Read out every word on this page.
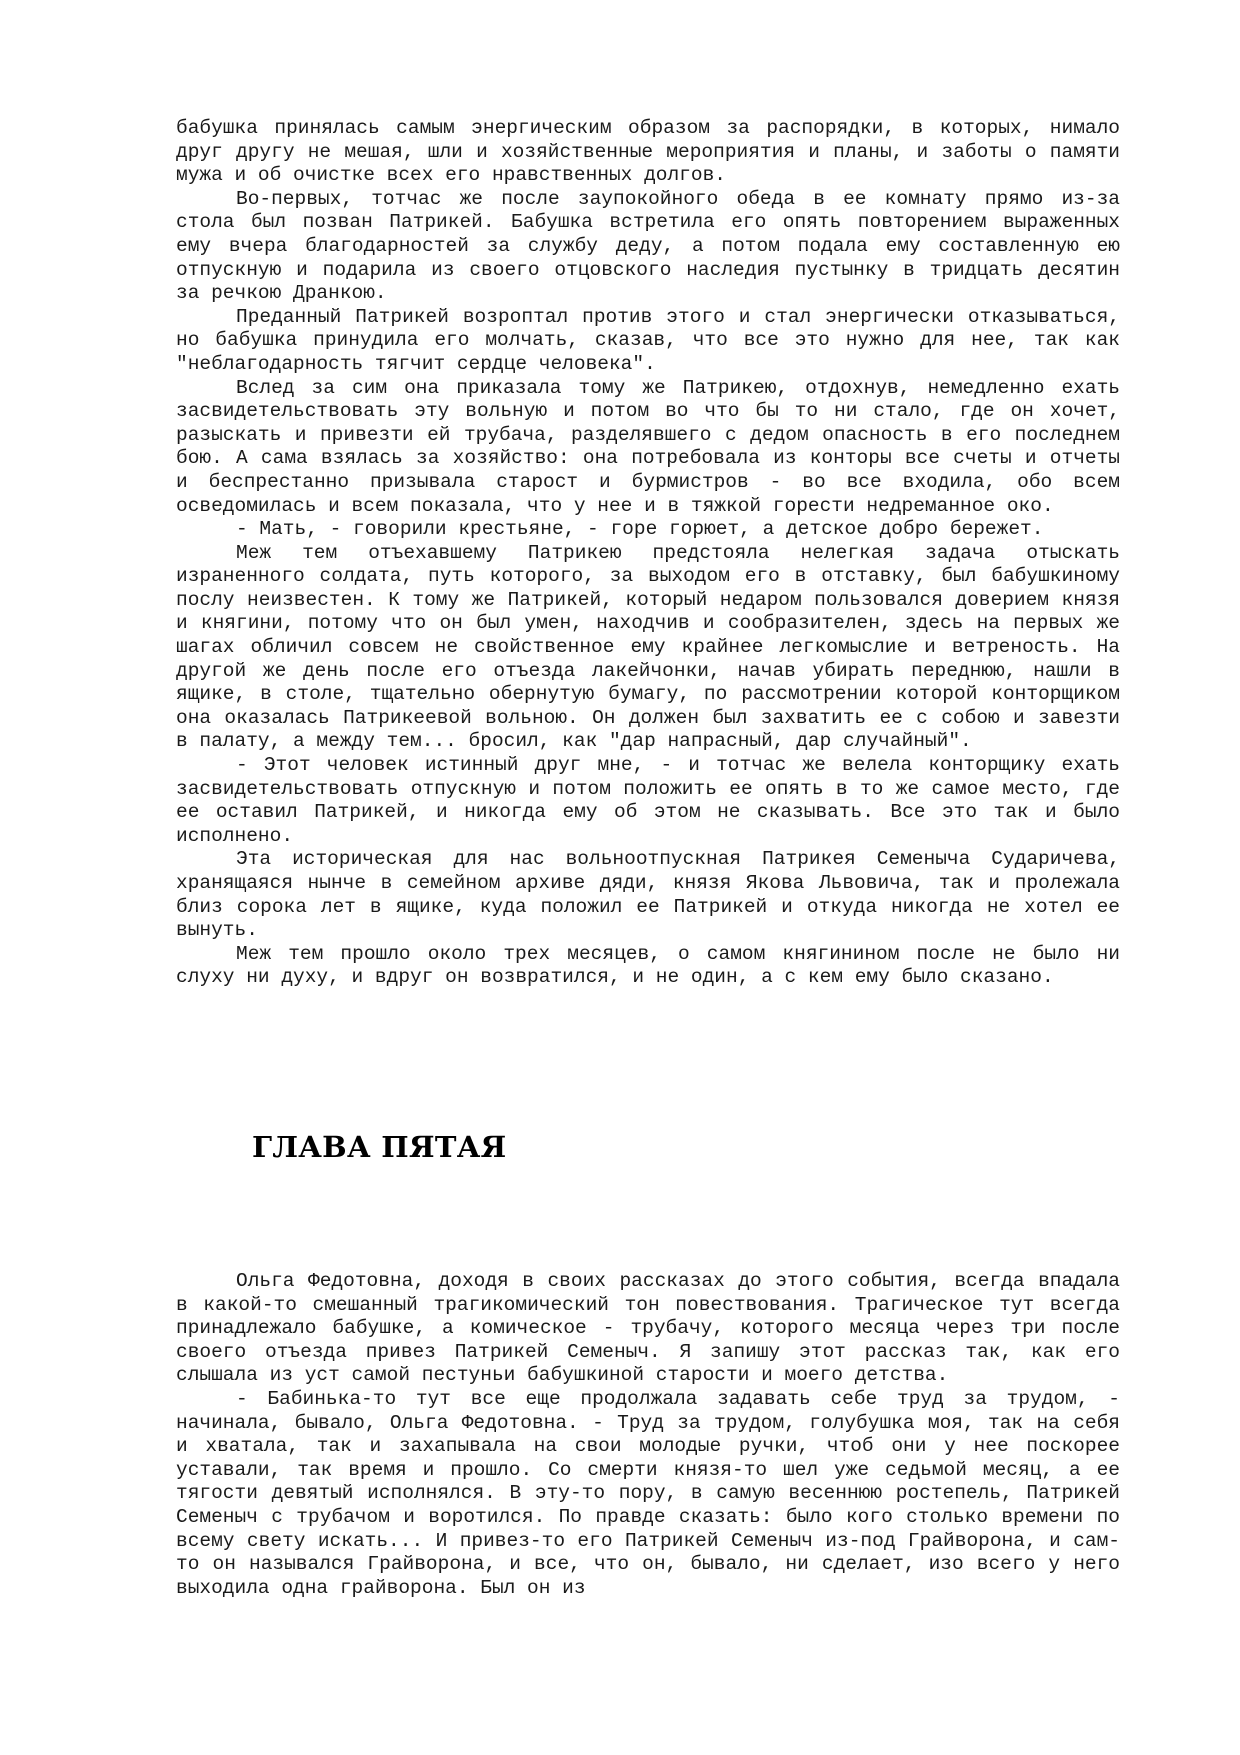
бабушка принялась самым энергическим образом за распорядки, в которых, нимало друг другу не мешая, шли и хозяйственные мероприятия и планы, и заботы о памяти мужа и об очистке всех его нравственных долгов.

Во-первых, тотчас же после заупокойного обеда в ее комнату прямо из-за стола был позван Патрикей. Бабушка встретила его опять повторением выраженных ему вчера благодарностей за службу деду, а потом подала ему составленную ею отпускную и подарила из своего отцовского наследия пустынку в тридцать десятин за речкою Дранкою.

Преданный Патрикей возроптал против этого и стал энергически отказываться, но бабушка принудила его молчать, сказав, что все это нужно для нее, так как "неблагодарность тягчит сердце человека".

Вслед за сим она приказала тому же Патрикею, отдохнув, немедленно ехать засвидетельствовать эту вольную и потом во что бы то ни стало, где он хочет, разыскать и привезти ей трубача, разделявшего с дедом опасность в его последнем бою. А сама взялась за хозяйство: она потребовала из конторы все счеты и отчеты и беспрестанно призывала старост и бурмистров - во все входила, обо всем осведомилась и всем показала, что у нее и в тяжкой горести недреманное око.

- Мать, - говорили крестьяне, - горе горюет, а детское добро бережет.

Меж тем отъехавшему Патрикею предстояла нелегкая задача отыскать израненного солдата, путь которого, за выходом его в отставку, был бабушкиному послу неизвестен. К тому же Патрикей, который недаром пользовался доверием князя и княгини, потому что он был умен, находчив и сообразителен, здесь на первых же шагах обличил совсем не свойственное ему крайнее легкомыслие и ветреность. На другой же день после его отъезда лакейчонки, начав убирать переднюю, нашли в ящике, в столе, тщательно обернутую бумагу, по рассмотрении которой конторщиком она оказалась Патрикеевой вольною. Он должен был захватить ее с собою и завезти в палату, а между тем... бросил, как "дар напрасный, дар случайный".

- Этот человек истинный друг мне, - и тотчас же велела конторщику ехать засвидетельствовать отпускную и потом положить ее опять в то же самое место, где ее оставил Патрикей, и никогда ему об этом не сказывать. Все это так и было исполнено.

Эта историческая для нас вольноотпускная Патрикея Семеныча Сударичева, хранящаяся нынче в семейном архиве дяди, князя Якова Львовича, так и пролежала близ сорока лет в ящике, куда положил ее Патрикей и откуда никогда не хотел ее вынуть.

Меж тем прошло около трех месяцев, о самом княгинином после не было ни слуху ни духу, и вдруг он возвратился, и не один, а с кем ему было сказано.

ГЛАВА ПЯТАЯ

Ольга Федотовна, доходя в своих рассказах до этого события, всегда впадала в какой-то смешанный трагикомический тон повествования. Трагическое тут всегда принадлежало бабушке, а комическое - трубачу, которого месяца через три после своего отъезда привез Патрикей Семеныч. Я запишу этот рассказ так, как его слышала из уст самой пестуньи бабушкиной старости и моего детства.

- Бабинька-то тут все еще продолжала задавать себе труд за трудом, - начинала, бывало, Ольга Федотовна. - Труд за трудом, голубушка моя, так на себя и хватала, так и захапывала на свои молодые ручки, чтоб они у нее поскорее уставали, так время и прошло. Со смерти князя-то шел уже седьмой месяц, а ее тягости девятый исполнялся. В эту-то пору, в самую весеннюю ростепель, Патрикей Семеныч с трубачом и воротился. По правде сказать: было кого столько времени по всему свету искать... И привез-то его Патрикей Семеныч из-под Грайворона, и сам-то он назывался Грайворона, и все, что он, бывало, ни сделает, изо всего у него выходила одна грайворона. Был он из
